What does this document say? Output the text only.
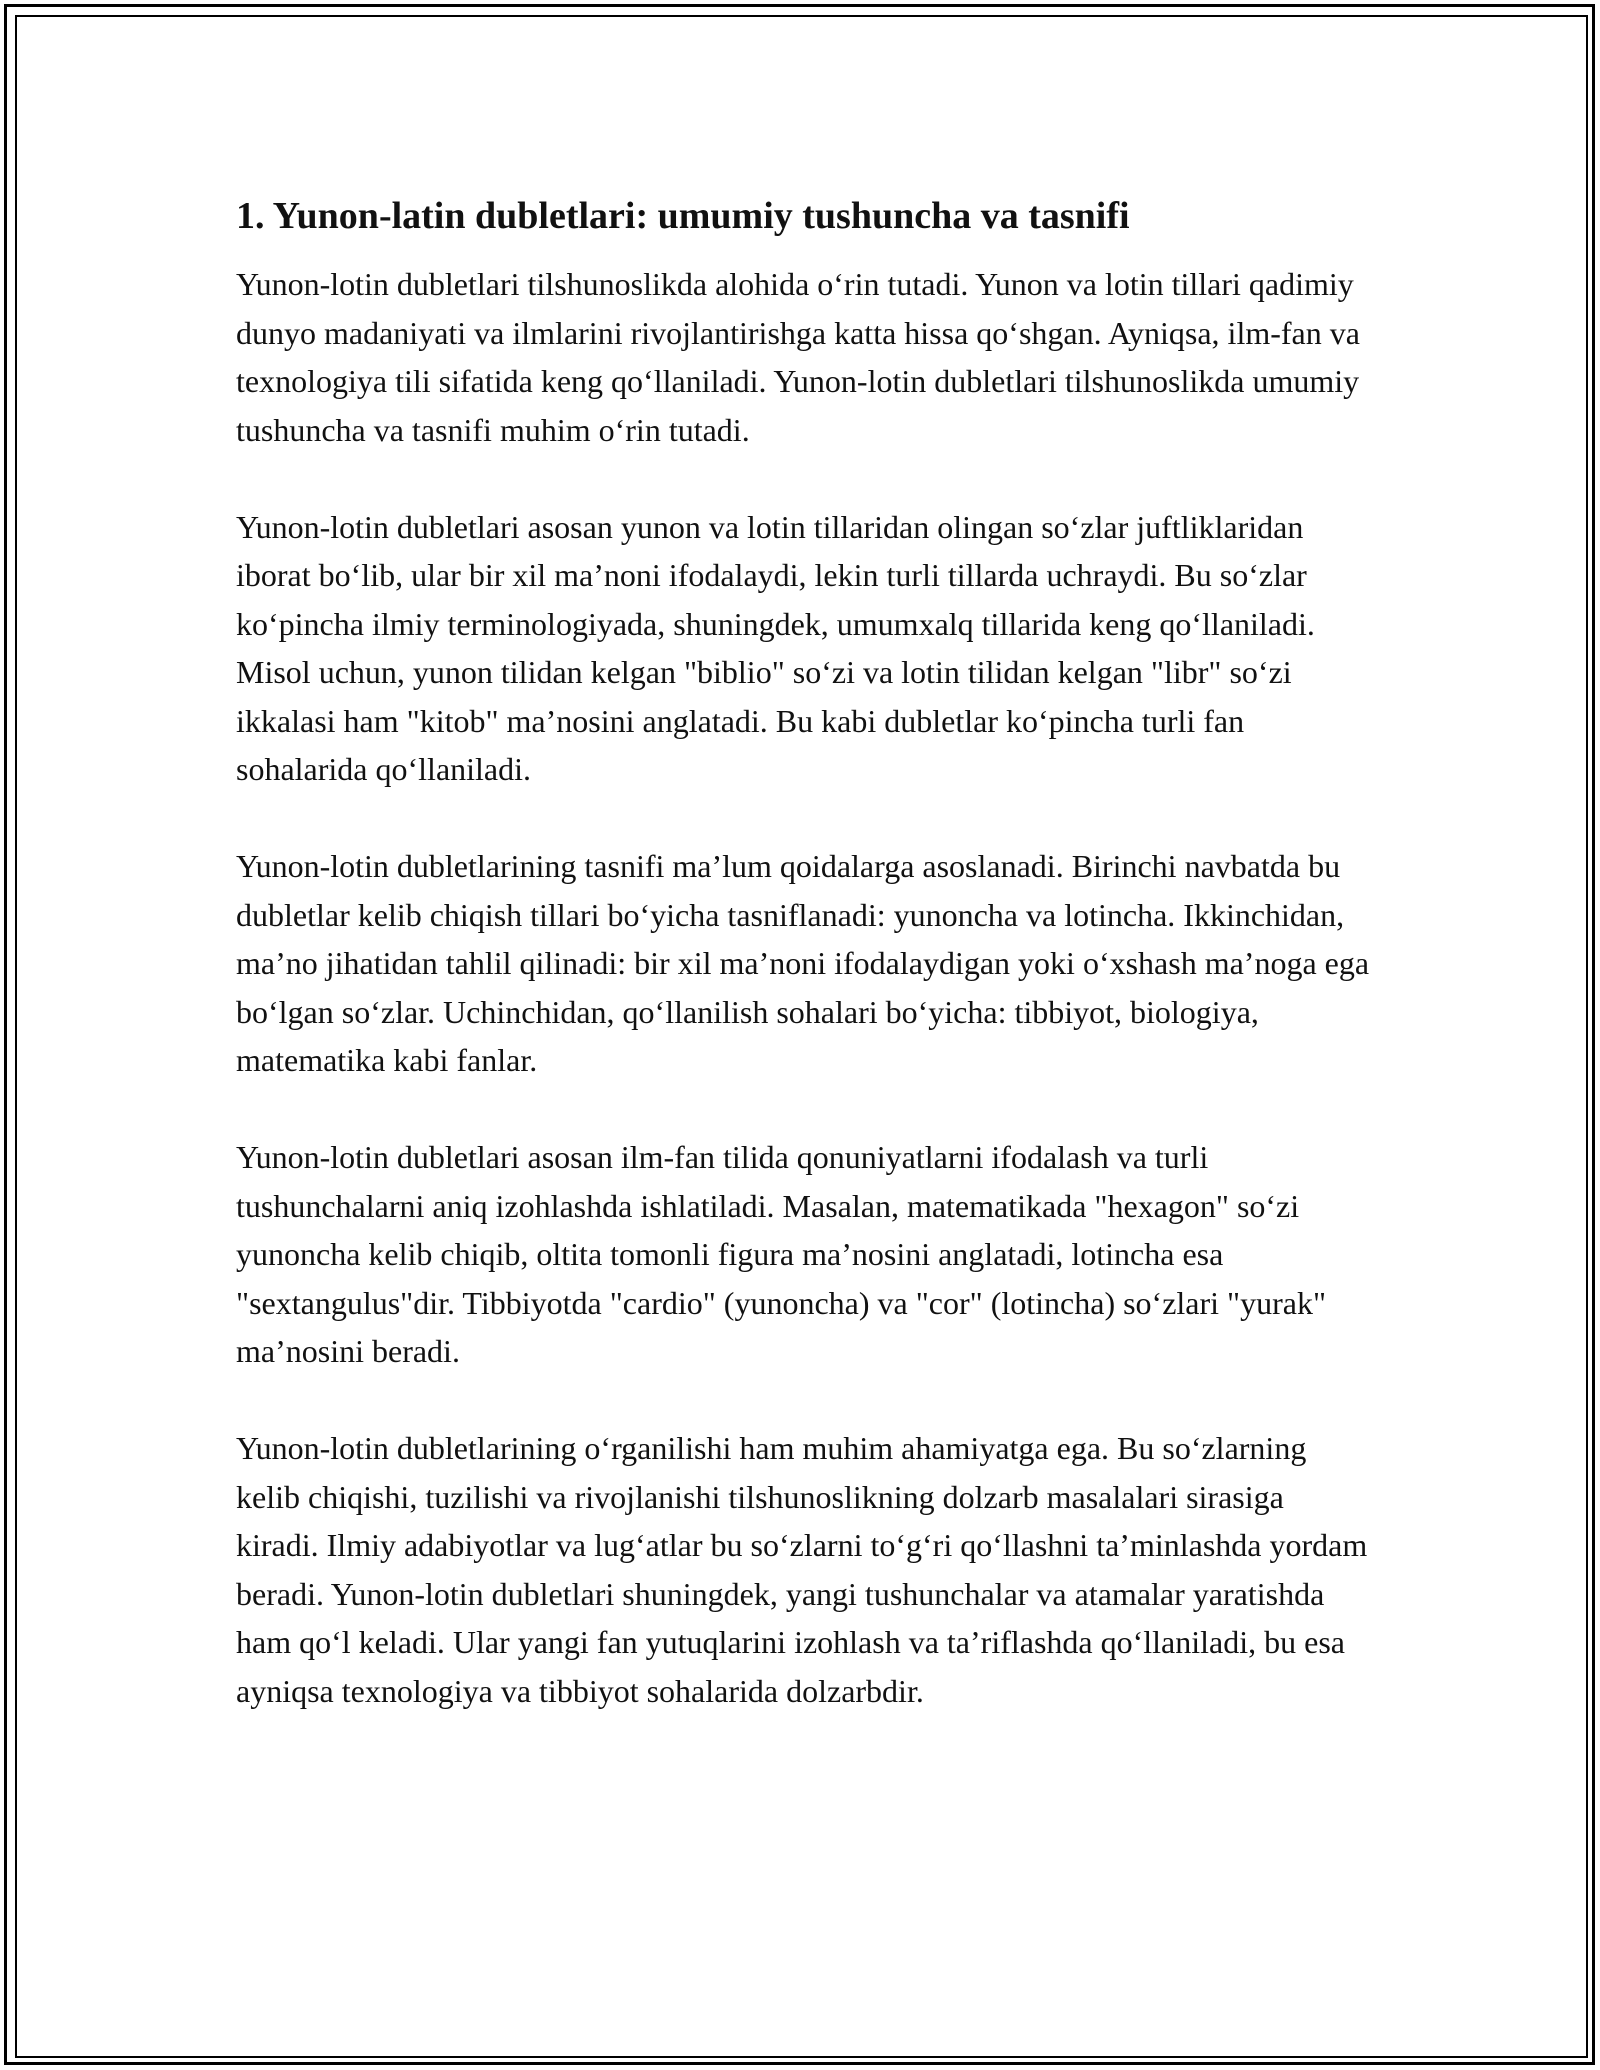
1. Yunon-latin dubletlari: umumiy tushuncha va tasnifi

Yunon-lotin dubletlari tilshunoslikda alohida o‘rin tutadi. Yunon va lotin tillari qadimiy dunyo madaniyati va ilmlarini rivojlantirishga katta hissa qo‘shgan. Ayniqsa, ilm-fan va texnologiya tili sifatida keng qo‘llaniladi. Yunon-lotin dubletlari tilshunoslikda umumiy tushuncha va tasnifi muhim o‘rin tutadi.

Yunon-lotin dubletlari asosan yunon va lotin tillaridan olingan so‘zlar juftliklaridan iborat bo‘lib, ular bir xil ma’noni ifodalaydi, lekin turli tillarda uchraydi. Bu so‘zlar ko‘pincha ilmiy terminologiyada, shuningdek, umumxalq tillarida keng qo‘llaniladi. Misol uchun, yunon tilidan kelgan "biblio" so‘zi va lotin tilidan kelgan "libr" so‘zi ikkalasi ham "kitob" ma’nosini anglatadi. Bu kabi dubletlar ko‘pincha turli fan sohalarida qo‘llaniladi.

Yunon-lotin dubletlarining tasnifi ma’lum qoidalarga asoslanadi. Birinchi navbatda bu dubletlar kelib chiqish tillari bo‘yicha tasniflanadi: yunoncha va lotincha. Ikkinchidan, ma’no jihatidan tahlil qilinadi: bir xil ma’noni ifodalaydigan yoki o‘xshash ma’noga ega bo‘lgan so‘zlar. Uchinchidan, qo‘llanilish sohalari bo‘yicha: tibbiyot, biologiya, matematika kabi fanlar.

Yunon-lotin dubletlari asosan ilm-fan tilida qonuniyatlarni ifodalash va turli tushunchalarni aniq izohlashda ishlatiladi. Masalan, matematikada "hexagon" so‘zi yunoncha kelib chiqib, oltita tomonli figura ma’nosini anglatadi, lotincha esa "sextangulus"dir. Tibbiyotda "cardio" (yunoncha) va "cor" (lotincha) so‘zlari "yurak" ma’nosini beradi.

Yunon-lotin dubletlarining o‘rganilishi ham muhim ahamiyatga ega. Bu so‘zlarning kelib chiqishi, tuzilishi va rivojlanishi tilshunoslikning dolzarb masalalari sirasiga kiradi. Ilmiy adabiyotlar va lug‘atlar bu so‘zlarni to‘g‘ri qo‘llashni ta’minlashda yordam beradi. Yunon-lotin dubletlari shuningdek, yangi tushunchalar va atamalar yaratishda ham qo‘l keladi. Ular yangi fan yutuqlarini izohlash va ta’riflashda qo‘llaniladi, bu esa ayniqsa texnologiya va tibbiyot sohalarida dolzarbdir.
